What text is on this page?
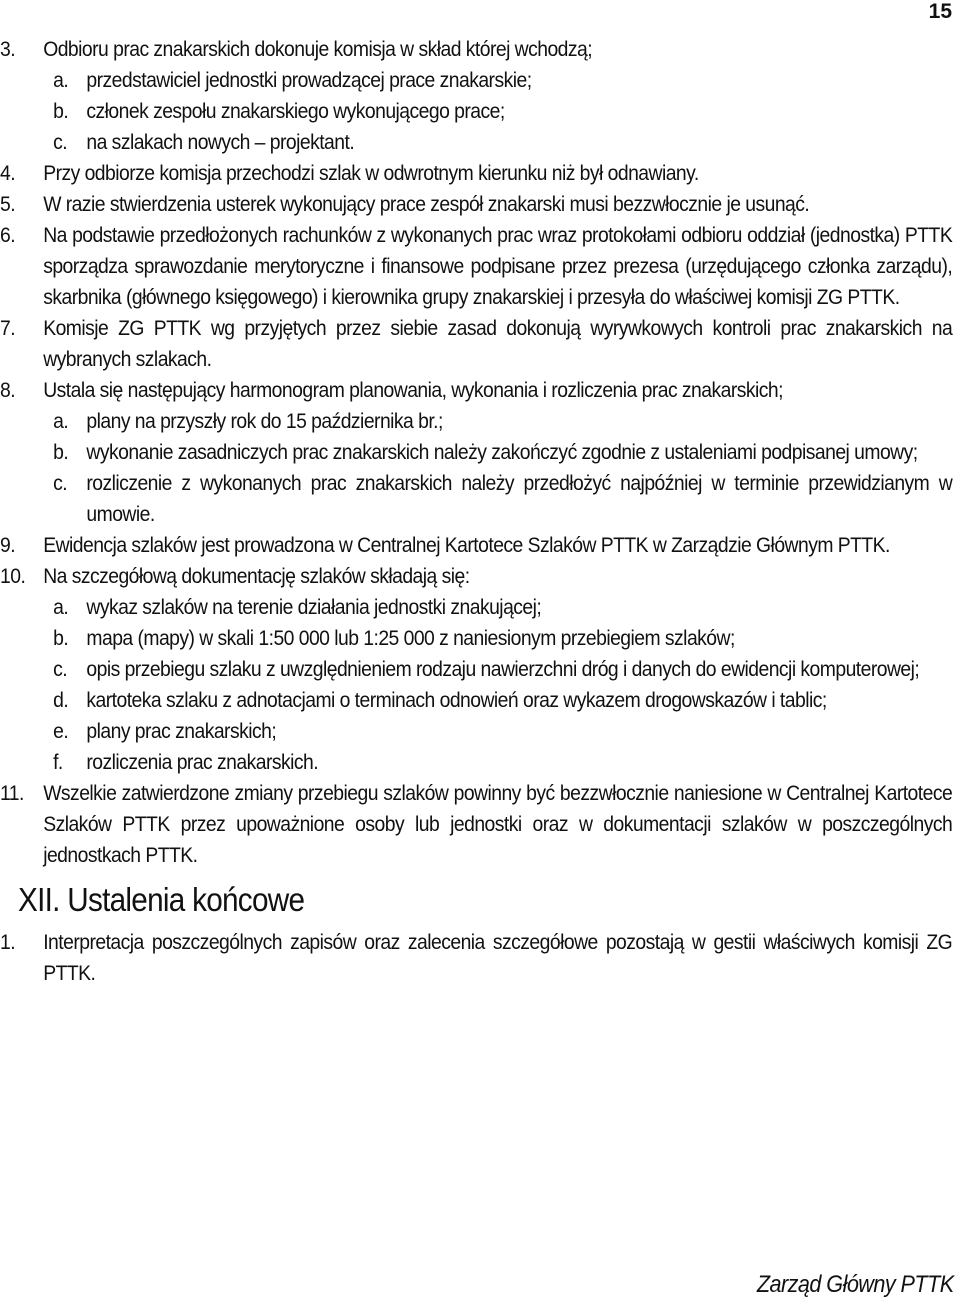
15
3. Odbioru prac znakarskich dokonuje komisja w skład której wchodzą;
a. przedstawiciel jednostki prowadzącej prace znakarskie;
b. członek zespołu znakarskiego wykonującego prace;
c. na szlakach nowych – projektant.
4. Przy odbiorze komisja przechodzi szlak w odwrotnym kierunku niż był odnawiany.
5. W razie stwierdzenia usterek wykonujący prace zespół znakarski musi bezzwłocznie je usunąć.
6. Na podstawie przedłożonych rachunków z wykonanych prac wraz protokołami odbioru oddział (jednostka) PTTK sporządza sprawozdanie merytoryczne i finansowe podpisane przez prezesa (urzędującego członka zarządu), skarbnika (głównego księgowego) i kierownika grupy znakarskiej i przesyła do właściwej komisji ZG PTTK.
7. Komisje ZG PTTK wg przyjętych przez siebie zasad dokonują wyrywkowych kontroli prac znakarskich na wybranych szlakach.
8. Ustala się następujący harmonogram planowania, wykonania i rozliczenia prac znakarskich;
a. plany na przyszły rok do 15 października br.;
b. wykonanie zasadniczych prac znakarskich należy zakończyć zgodnie z ustaleniami podpisanej umowy;
c. rozliczenie z wykonanych prac znakarskich należy przedłożyć najpóźniej w terminie przewidzianym w umowie.
9. Ewidencja szlaków jest prowadzona w Centralnej Kartotece Szlaków PTTK w Zarządzie Głównym PTTK.
10. Na szczegółową dokumentację szlaków składają się:
a. wykaz szlaków na terenie działania jednostki znakującej;
b. mapa (mapy) w skali 1:50 000 lub 1:25 000 z naniesionym przebiegiem szlaków;
c. opis przebiegu szlaku z uwzględnieniem rodzaju nawierzchni dróg i danych do ewidencji komputerowej;
d. kartoteka szlaku z adnotacjami o terminach odnowień oraz wykazem drogowskazów i tablic;
e. plany prac znakarskich;
f. rozliczenia prac znakarskich.
11. Wszelkie zatwierdzone zmiany przebiegu szlaków powinny być bezzwłocznie naniesione w Centralnej Kartotece Szlaków PTTK przez upoważnione osoby lub jednostki oraz w dokumentacji szlaków w poszczególnych jednostkach PTTK.
XII. Ustalenia końcowe
1. Interpretacja poszczególnych zapisów oraz zalecenia szczegółowe pozostają w gestii właściwych komisji ZG PTTK.
Zarząd Główny PTTK
